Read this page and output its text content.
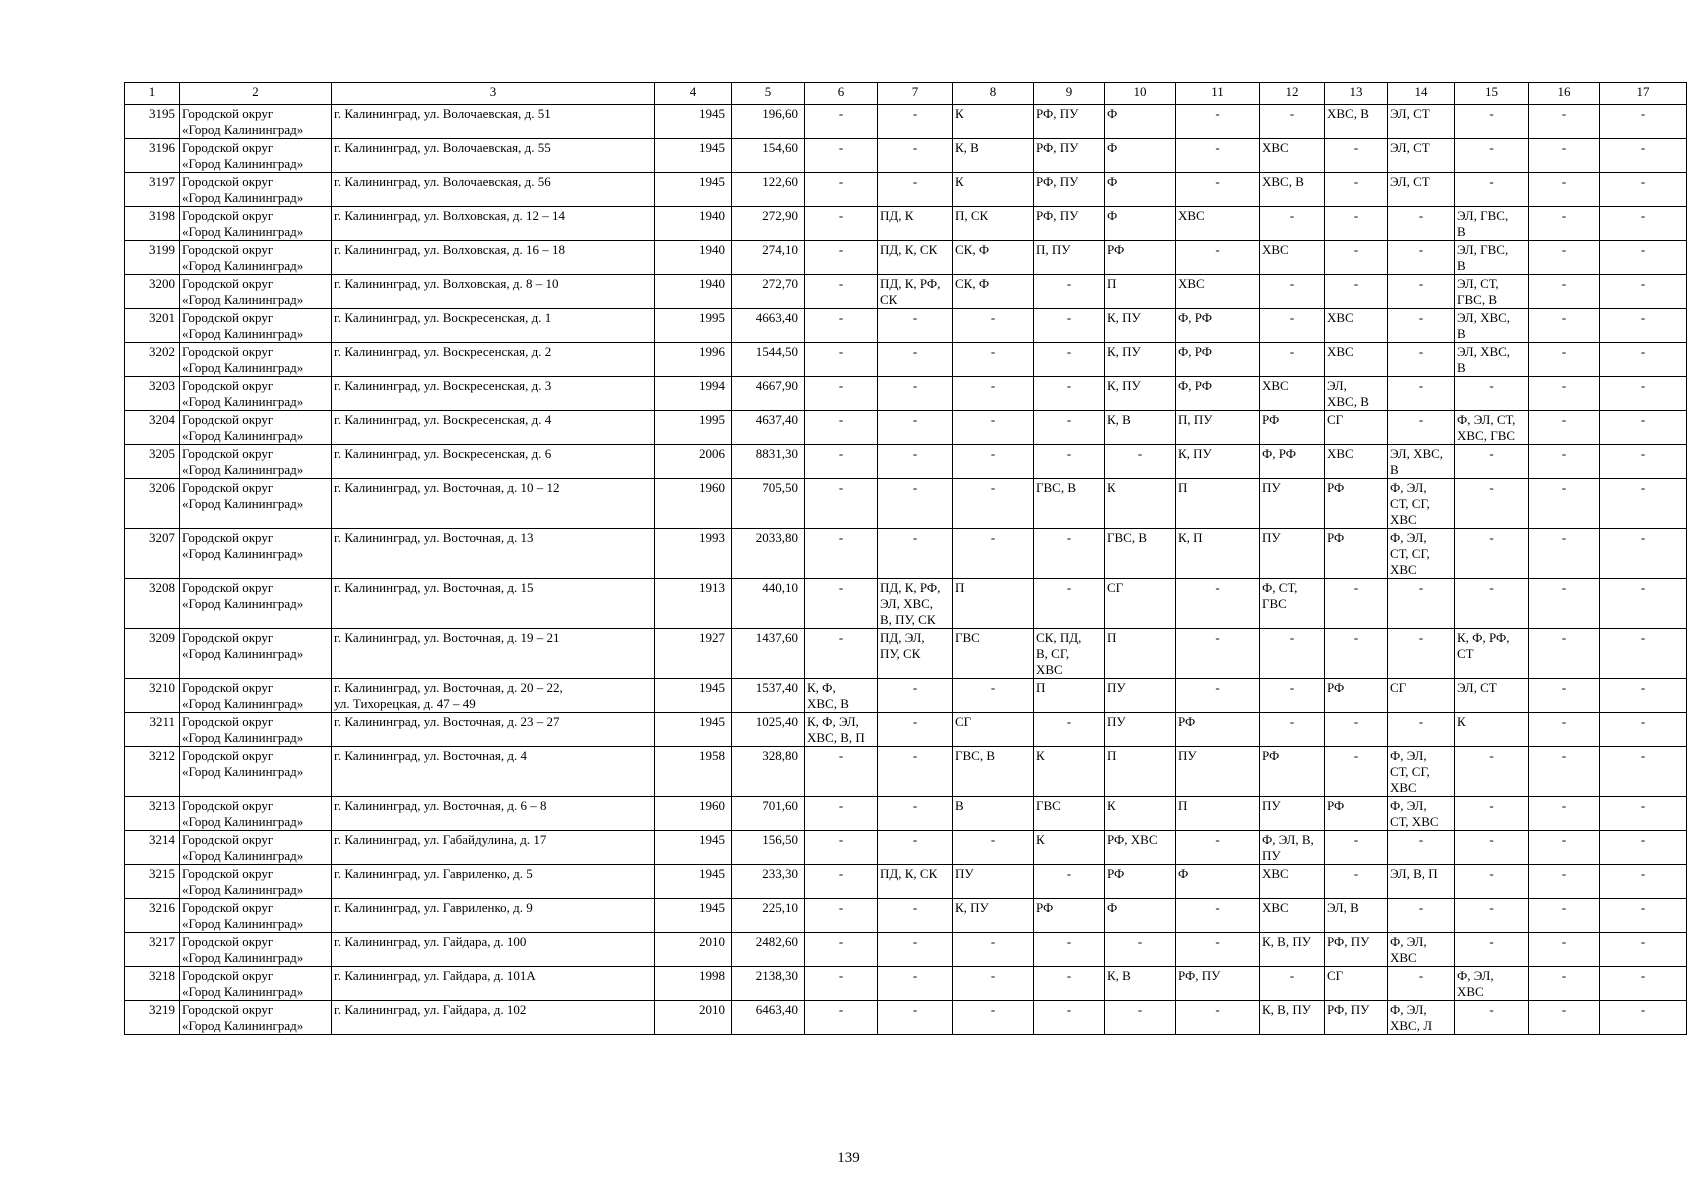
1	2	3	4	5	6	7	8	9	10	11	12	13	14	15	16	17
3195	Городской округ
«Город Калининград»	г. Калининград, ул. Волочаевская, д. 51	1945	196,60	-	-	К	РФ, ПУ	Ф	-	-	ХВС, В	ЭЛ, СТ	-	-	-
3196	Городской округ
«Город Калининград»	г. Калининград, ул. Волочаевская, д. 55	1945	154,60	-	-	К, В	РФ, ПУ	Ф	-	ХВС	-	ЭЛ, СТ	-	-	-
3197	Городской округ
«Город Калининград»	г. Калининград, ул. Волочаевская, д. 56	1945	122,60	-	-	К	РФ, ПУ	Ф	-	ХВС, В	-	ЭЛ, СТ	-	-	-
3198	Городской округ
«Город Калининград»	г. Калининград, ул. Волховская, д. 12 – 14	1940	272,90	-	ПД, К	П, СК	РФ, ПУ	Ф	ХВС	-	-	-	ЭЛ, ГВС,
В	-	-
3199	Городской округ
«Город Калининград»	г. Калининград, ул. Волховская, д. 16 – 18	1940	274,10	-	ПД, К, СК	СК, Ф	П, ПУ	РФ	-	ХВС	-	-	ЭЛ, ГВС,
В	-	-
3200	Городской округ
«Город Калининград»	г. Калининград, ул. Волховская, д. 8 – 10	1940	272,70	-	ПД, К, РФ,
СК	СК, Ф	-	П	ХВС	-	-	-	ЭЛ, СТ,
ГВС, В	-	-
3201	Городской округ
«Город Калининград»	г. Калининград, ул. Воскресенская, д. 1	1995	4663,40	-	-	-	-	К, ПУ	Ф, РФ	-	ХВС	-	ЭЛ, ХВС,
В	-	-
3202	Городской округ
«Город Калининград»	г. Калининград, ул. Воскресенская, д. 2	1996	1544,50	-	-	-	-	К, ПУ	Ф, РФ	-	ХВС	-	ЭЛ, ХВС,
В	-	-
3203	Городской округ
«Город Калининград»	г. Калининград, ул. Воскресенская, д. 3	1994	4667,90	-	-	-	-	К, ПУ	Ф, РФ	ХВС	ЭЛ,
ХВС, В	-	-	-	-
3204	Городской округ
«Город Калининград»	г. Калининград, ул. Воскресенская, д. 4	1995	4637,40	-	-	-	-	К, В	П, ПУ	РФ	СГ	-	Ф, ЭЛ, СТ,
ХВС, ГВС	-	-
3205	Городской округ
«Город Калининград»	г. Калининград, ул. Воскресенская, д. 6	2006	8831,30	-	-	-	-	-	К, ПУ	Ф, РФ	ХВС	ЭЛ, ХВС,
В	-	-	-
3206	Городской округ
«Город Калининград»	г. Калининград, ул. Восточная, д. 10 – 12	1960	705,50	-	-	-	ГВС, В	К	П	ПУ	РФ	Ф, ЭЛ,
СТ, СГ,
ХВС	-	-	-
3207	Городской округ
«Город Калининград»	г. Калининград, ул. Восточная, д. 13	1993	2033,80	-	-	-	-	ГВС, В	К, П	ПУ	РФ	Ф, ЭЛ,
СТ, СГ,
ХВС	-	-	-
3208	Городской округ
«Город Калининград»	г. Калининград, ул. Восточная, д. 15	1913	440,10	-	ПД, К, РФ,
ЭЛ, ХВС,
В, ПУ, СК	П	-	СГ	-	Ф, СТ,
ГВС	-	-	-	-	-
3209	Городской округ
«Город Калининград»	г. Калининград, ул. Восточная, д. 19 – 21	1927	1437,60	-	ПД, ЭЛ,
ПУ, СК	ГВС	СК, ПД,
В, СГ,
ХВС	П	-	-	-	-	К, Ф, РФ,
СТ	-	-
3210	Городской округ
«Город Калининград»	г. Калининград, ул. Восточная, д. 20 – 22,
ул. Тихорецкая, д. 47 – 49	1945	1537,40	К, Ф,
ХВС, В	-	-	П	ПУ	-	-	РФ	СГ	ЭЛ, СТ	-	-
3211	Городской округ
«Город Калининград»	г. Калининград, ул. Восточная, д. 23 – 27	1945	1025,40	К, Ф, ЭЛ,
ХВС, В, П	-	СГ	-	ПУ	РФ	-	-	-	К	-	-
3212	Городской округ
«Город Калининград»	г. Калининград, ул. Восточная, д. 4	1958	328,80	-	-	ГВС, В	К	П	ПУ	РФ	-	Ф, ЭЛ,
СТ, СГ,
ХВС	-	-	-
3213	Городской округ
«Город Калининград»	г. Калининград, ул. Восточная, д. 6 – 8	1960	701,60	-	-	В	ГВС	К	П	ПУ	РФ	Ф, ЭЛ,
СТ, ХВС	-	-	-
3214	Городской округ
«Город Калининград»	г. Калининград, ул. Габайдулина, д. 17	1945	156,50	-	-	-	К	РФ, ХВС	-	Ф, ЭЛ, В,
ПУ	-	-	-	-	-
3215	Городской округ
«Город Калининград»	г. Калининград, ул. Гавриленко, д. 5	1945	233,30	-	ПД, К, СК	ПУ	-	РФ	Ф	ХВС	-	ЭЛ, В, П	-	-	-
3216	Городской округ
«Город Калининград»	г. Калининград, ул. Гавриленко, д. 9	1945	225,10	-	-	К, ПУ	РФ	Ф	-	ХВС	ЭЛ, В	-	-	-	-
3217	Городской округ
«Город Калининград»	г. Калининград, ул. Гайдара, д. 100	2010	2482,60	-	-	-	-	-	-	К, В, ПУ	РФ, ПУ	Ф, ЭЛ,
ХВС	-	-	-
3218	Городской округ
«Город Калининград»	г. Калининград, ул. Гайдара, д. 101А	1998	2138,30	-	-	-	-	К, В	РФ, ПУ	-	СГ	-	Ф, ЭЛ,
ХВС	-	-
3219	Городской округ
«Город Калининград»	г. Калининград, ул. Гайдара, д. 102	2010	6463,40	-	-	-	-	-	-	К, В, ПУ	РФ, ПУ	Ф, ЭЛ,
ХВС, Л	-	-	-
139
